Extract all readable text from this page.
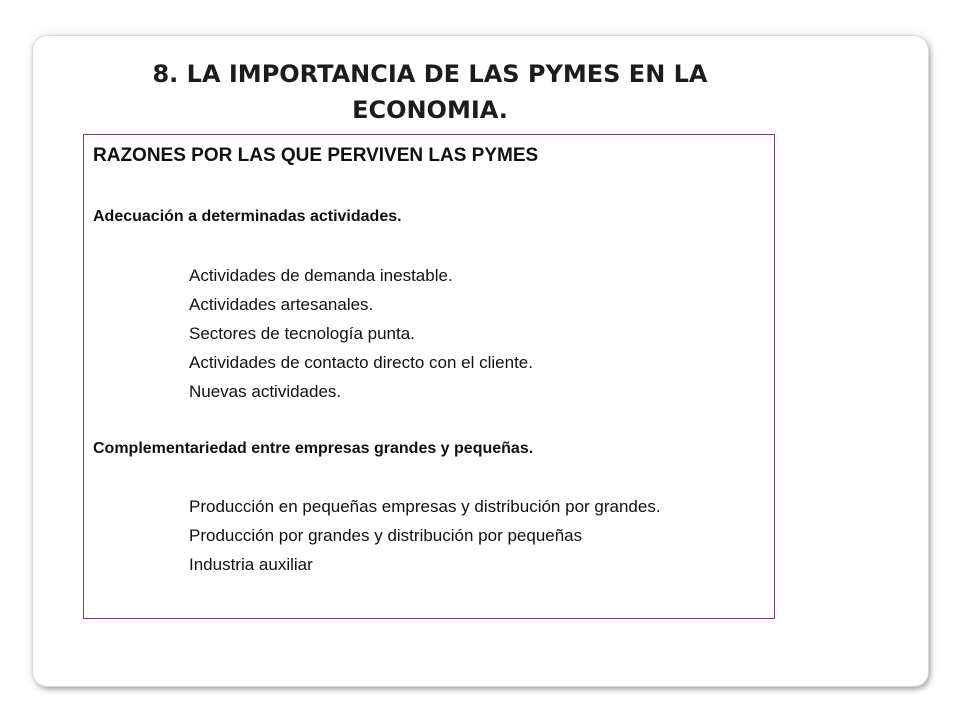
8. LA IMPORTANCIA DE LAS PYMES EN LA ECONOMIA.
RAZONES POR LAS QUE PERVIVEN LAS PYMES
Adecuación a determinadas actividades.
Actividades de demanda inestable.
Actividades artesanales.
Sectores de tecnología punta.
Actividades de contacto directo con el cliente.
Nuevas actividades.
Complementariedad entre empresas grandes y pequeñas.
Producción en pequeñas empresas y distribución por grandes.
Producción por grandes y distribución por pequeñas
Industria auxiliar
